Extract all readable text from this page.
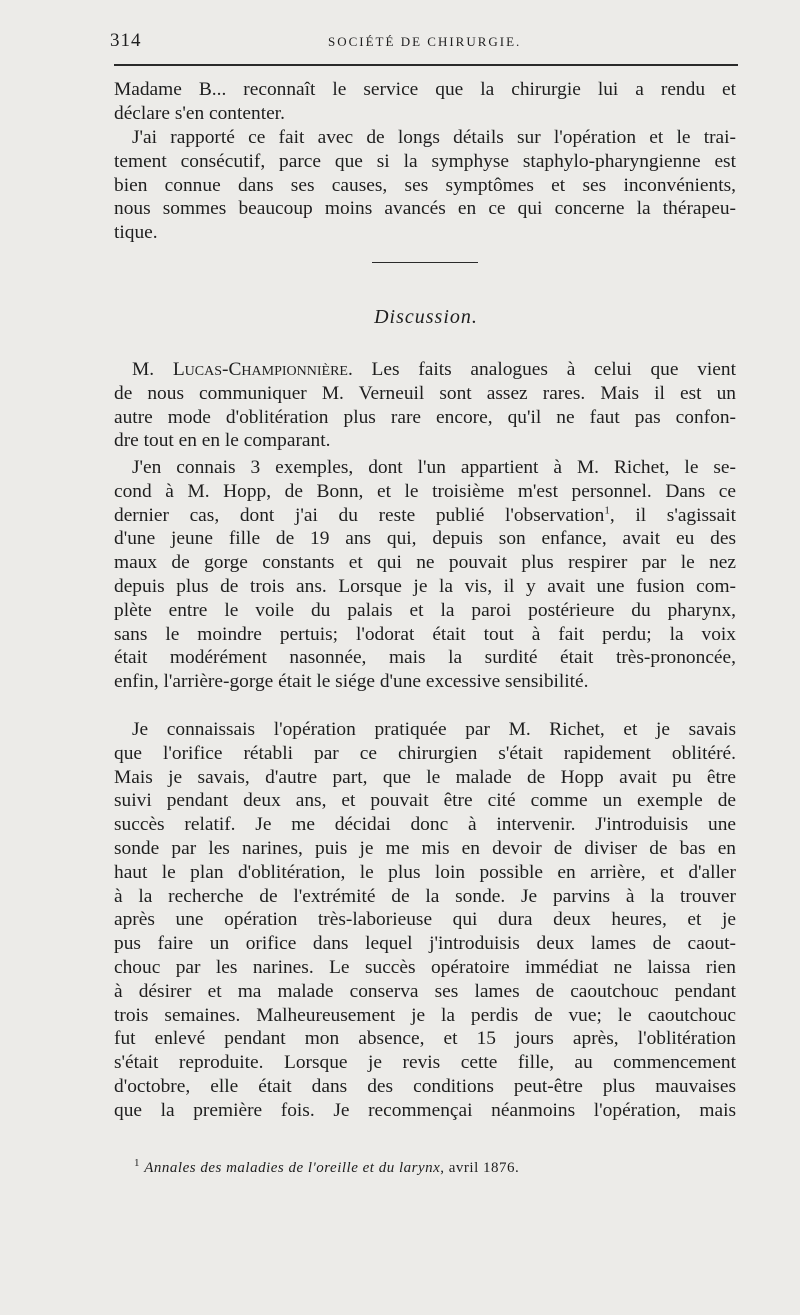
314	SOCIÉTÉ DE CHIRURGIE.
Madame B... reconnaît le service que la chirurgie lui a rendu et
déclare s'en contenter.
J'ai rapporté ce fait avec de longs détails sur l'opération et le trai-
tement consécutif, parce que si la symphyse staphylo-pharyngienne est
bien connue dans ses causes, ses symptômes et ses inconvénients,
nous sommes beaucoup moins avancés en ce qui concerne la thérapeu-
tique.
Discussion.
M. Lucas-Championnière. Les faits analogues à celui que vient
de nous communiquer M. Verneuil sont assez rares. Mais il est un
autre mode d'oblitération plus rare encore, qu'il ne faut pas confon-
dre tout en en le comparant.
J'en connais 3 exemples, dont l'un appartient à M. Richet, le se-
cond à M. Hopp, de Bonn, et le troisième m'est personnel. Dans ce
dernier cas, dont j'ai du reste publié l'observation$^1$, il s'agissait
d'une jeune fille de 19 ans qui, depuis son enfance, avait eu des
maux de gorge constants et qui ne pouvait plus respirer par le nez
depuis plus de trois ans. Lorsque je la vis, il y avait une fusion com-
plète entre le voile du palais et la paroi postérieure du pharynx,
sans le moindre pertuis; l'odorat était tout à fait perdu; la voix
était modérément nasonnée, mais la surdité était très-prononcée,
enfin, l'arrière-gorge était le siége d'une excessive sensibilité.
Je connaissais l'opération pratiquée par M. Richet, et je savais
que l'orifice rétabli par ce chirurgien s'était rapidement oblitéré.
Mais je savais, d'autre part, que le malade de Hopp avait pu être
suivi pendant deux ans, et pouvait être cité comme un exemple de
succès relatif. Je me décidai donc à intervenir. J'introduisis une
sonde par les narines, puis je me mis en devoir de diviser de bas en
haut le plan d'oblitération, le plus loin possible en arrière, et d'aller
à la recherche de l'extrémité de la sonde. Je parvins à la trouver
après une opération très-laborieuse qui dura deux heures, et je
pus faire un orifice dans lequel j'introduisis deux lames de caout-
chouc par les narines. Le succès opératoire immédiat ne laissa rien
à désirer et ma malade conserva ses lames de caoutchouc pendant
trois semaines. Malheureusement je la perdis de vue; le caoutchouc
fut enlevé pendant mon absence, et 15 jours après, l'oblitération
s'était reproduite. Lorsque je revis cette fille, au commencement
d'octobre, elle était dans des conditions peut-être plus mauvaises
que la première fois. Je recommençai néanmoins l'opération, mais
$^1$ Annales des maladies de l'oreille et du larynx, avril 1876.
